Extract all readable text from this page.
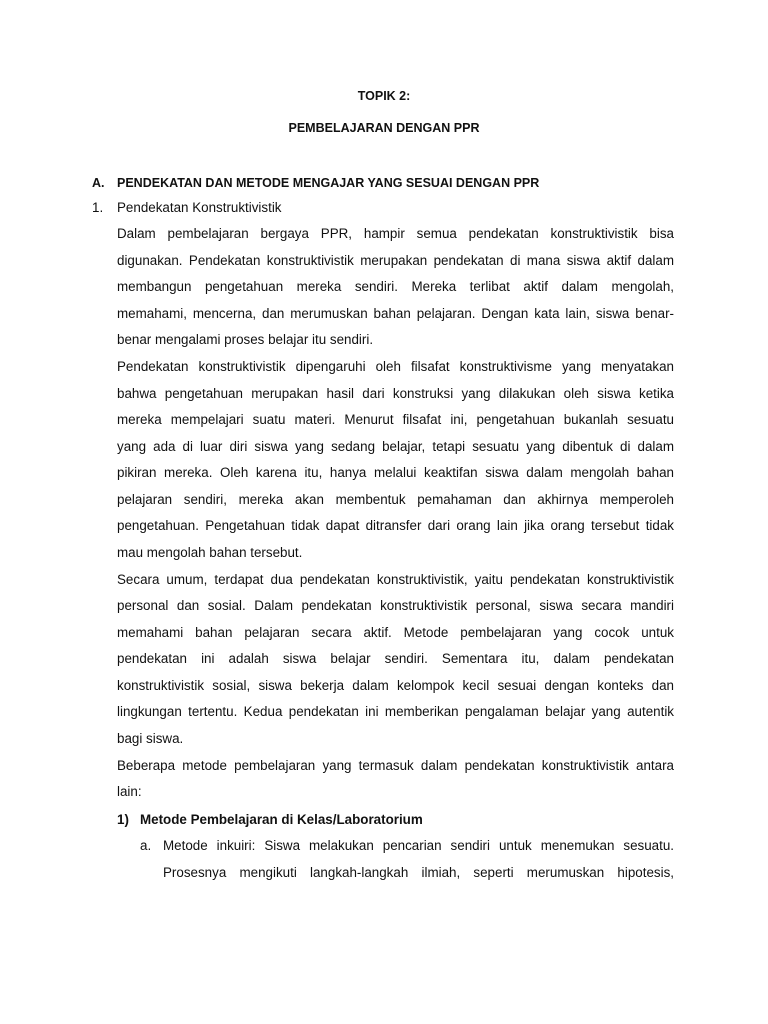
TOPIK 2:
PEMBELAJARAN DENGAN PPR
A. PENDEKATAN DAN METODE MENGAJAR YANG SESUAI DENGAN PPR
1. Pendekatan Konstruktivistik
Dalam pembelajaran bergaya PPR, hampir semua pendekatan konstruktivistik bisa
digunakan. Pendekatan konstruktivistik merupakan pendekatan di mana siswa aktif dalam
membangun pengetahuan mereka sendiri. Mereka terlibat aktif dalam mengolah,
memahami, mencerna, dan merumuskan bahan pelajaran. Dengan kata lain, siswa benar-
benar mengalami proses belajar itu sendiri.
Pendekatan konstruktivistik dipengaruhi oleh filsafat konstruktivisme yang menyatakan
bahwa pengetahuan merupakan hasil dari konstruksi yang dilakukan oleh siswa ketika
mereka mempelajari suatu materi. Menurut filsafat ini, pengetahuan bukanlah sesuatu
yang ada di luar diri siswa yang sedang belajar, tetapi sesuatu yang dibentuk di dalam
pikiran mereka. Oleh karena itu, hanya melalui keaktifan siswa dalam mengolah bahan
pelajaran sendiri, mereka akan membentuk pemahaman dan akhirnya memperoleh
pengetahuan. Pengetahuan tidak dapat ditransfer dari orang lain jika orang tersebut tidak
mau mengolah bahan tersebut.
Secara umum, terdapat dua pendekatan konstruktivistik, yaitu pendekatan konstruktivistik
personal dan sosial. Dalam pendekatan konstruktivistik personal, siswa secara mandiri
memahami bahan pelajaran secara aktif. Metode pembelajaran yang cocok untuk
pendekatan ini adalah siswa belajar sendiri. Sementara itu, dalam pendekatan
konstruktivistik sosial, siswa bekerja dalam kelompok kecil sesuai dengan konteks dan
lingkungan tertentu. Kedua pendekatan ini memberikan pengalaman belajar yang autentik
bagi siswa.
Beberapa metode pembelajaran yang termasuk dalam pendekatan konstruktivistik antara
lain:
1) Metode Pembelajaran di Kelas/Laboratorium
a. Metode inkuiri: Siswa melakukan pencarian sendiri untuk menemukan sesuatu.
Prosesnya mengikuti langkah-langkah ilmiah, seperti merumuskan hipotesis,
